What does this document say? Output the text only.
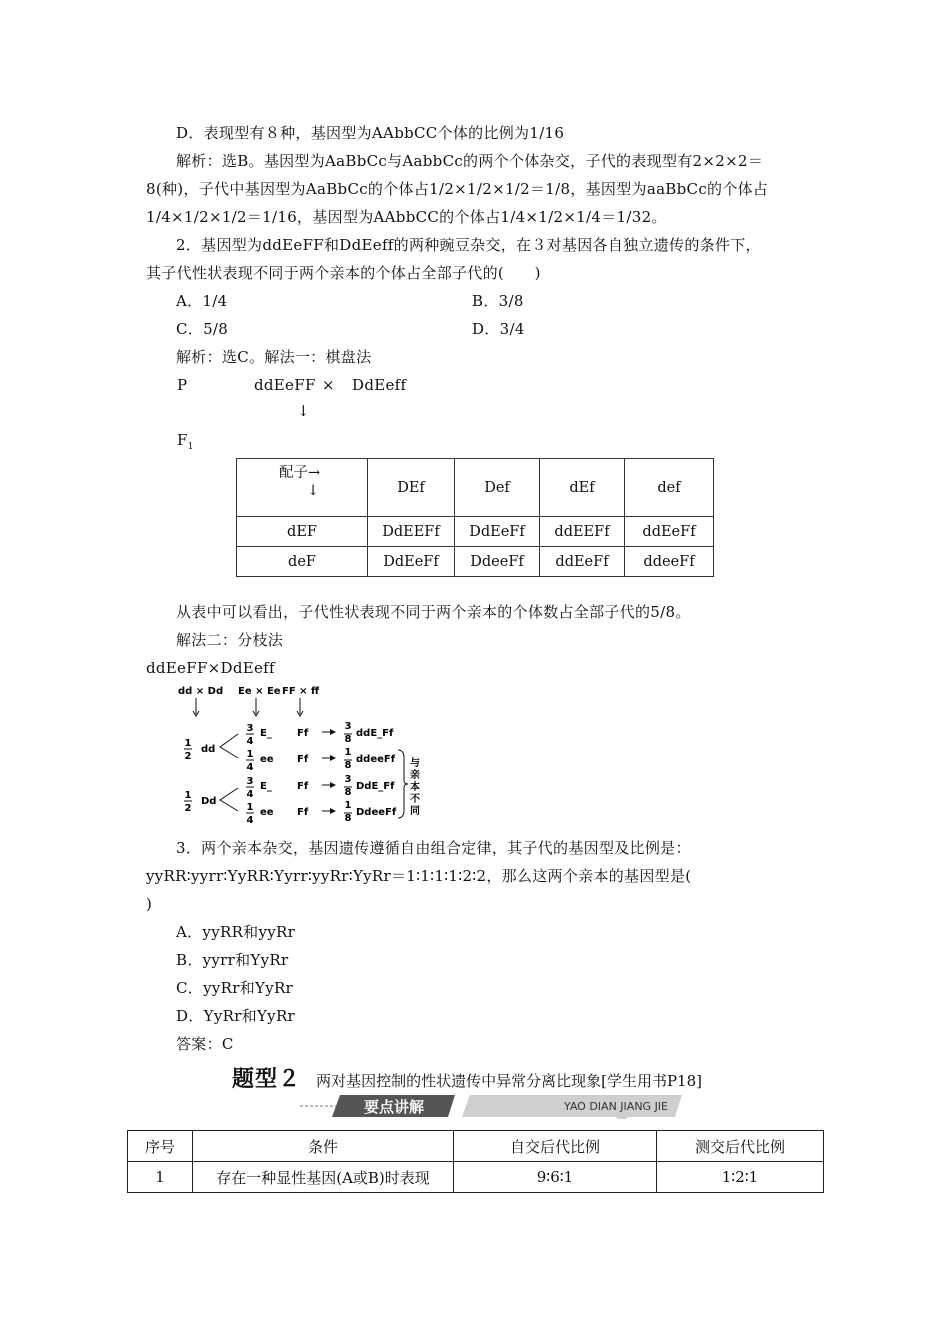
D．表现型有８种，基因型为AAbbCC个体的比例为1/16
解析：选B。基因型为AaBbCc与AabbCc的两个个体杂交，子代的表现型有2×2×2＝
8(种)，子代中基因型为AaBbCc的个体占1/2×1/2×1/2＝1/8，基因型为aaBbCc的个体占
1/4×1/2×1/2＝1/16，基因型为AAbbCC的个体占1/4×1/2×1/4＝1/32。
2．基因型为ddEeFF和DdEeff的两种豌豆杂交，在３对基因各自独立遗传的条件下，
其子代性状表现不同于两个亲本的个体占全部子代的(　　)
A．1/4	B．3/8
C．5/8	D．3/4
解析：选C。解法一：棋盘法
P	ddEeFF × DdEeff
↓
$F_1$
配子→
↓	DEf	Def	dEf	def
dEF	DdEEFf	DdEeFf	ddEEFf	ddEeFf
deF	DdEeFf	DdeeFf	ddEeFf	ddeeFf
从表中可以看出，子代性状表现不同于两个亲本的个体数占全部子代的5/8。
解法二：分枝法
ddEeFF×DdEeff
dd × Dd Ee × Ee FF × ff
1
2
1
2
3
4
1
4
3
4
1
4
3
8
1
8
3
8
1
8
dd
Dd
E_
ee
E_
ee
Ff
Ff
Ff
Ff
ddE_Ff
ddeeFf
DdE_Ff
DdeeFf
与
亲
本
不
同
3．两个亲本杂交，基因遗传遵循自由组合定律，其子代的基因型及比例是：
yyRR∶yyrr∶YyRR∶Yyrr∶yyRr∶YyRr＝1∶1∶1∶1∶2∶2，那么这两个亲本的基因型是(
)
A．yyRR和yyRr
B．yyrr和YyRr
C．yyRr和YyRr
D．YyRr和YyRr
答案：C
题型２ 两对基因控制的性状遗传中异常分离比现象[学生用书P18]
要点讲解	YAO DIAN JIANG JIE
序号	条件	自交后代比例	测交后代比例
1	存在一种显性基因(A或B)时表现	9∶6∶1	1∶2∶1
